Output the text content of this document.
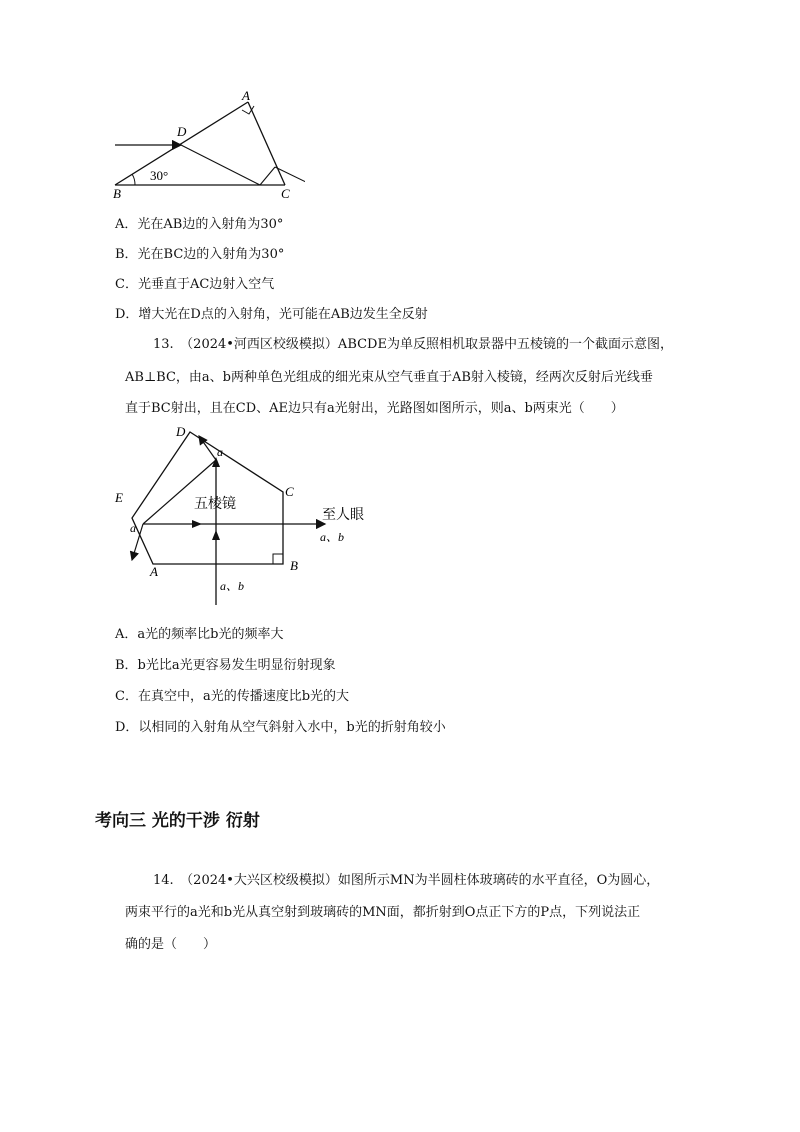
A
D
B	C
30°
A．光在AB边的入射角为30°
B．光在BC边的入射角为30°
C．光垂直于AC边射入空气
D．增大光在D点的入射角，光可能在AB边发生全反射
13.　（2024•河西区校级模拟）ABCDE为单反照相机取景器中五棱镜的一个截面示意图，
AB⊥BC，由a、b两种单色光组成的细光束从空气垂直于AB射入棱镜，经两次反射后光线垂
直于BC射出，且在CD、AE边只有a光射出，光路图如图所示，则a、b两束光（　　）
D
a
C
E
a
A	B
五棱镜
至人眼
a、b
a、b
A．a光的频率比b光的频率大
B．b光比a光更容易发生明显衍射现象
C．在真空中，a光的传播速度比b光的大
D．以相同的入射角从空气斜射入水中，b光的折射角较小
考向三 光的干涉 衍射
14.　（2024•大兴区校级模拟）如图所示MN为半圆柱体玻璃砖的水平直径，O为圆心，
两束平行的a光和b光从真空射到玻璃砖的MN面，都折射到O点正下方的P点，下列说法正
确的是（　　）
